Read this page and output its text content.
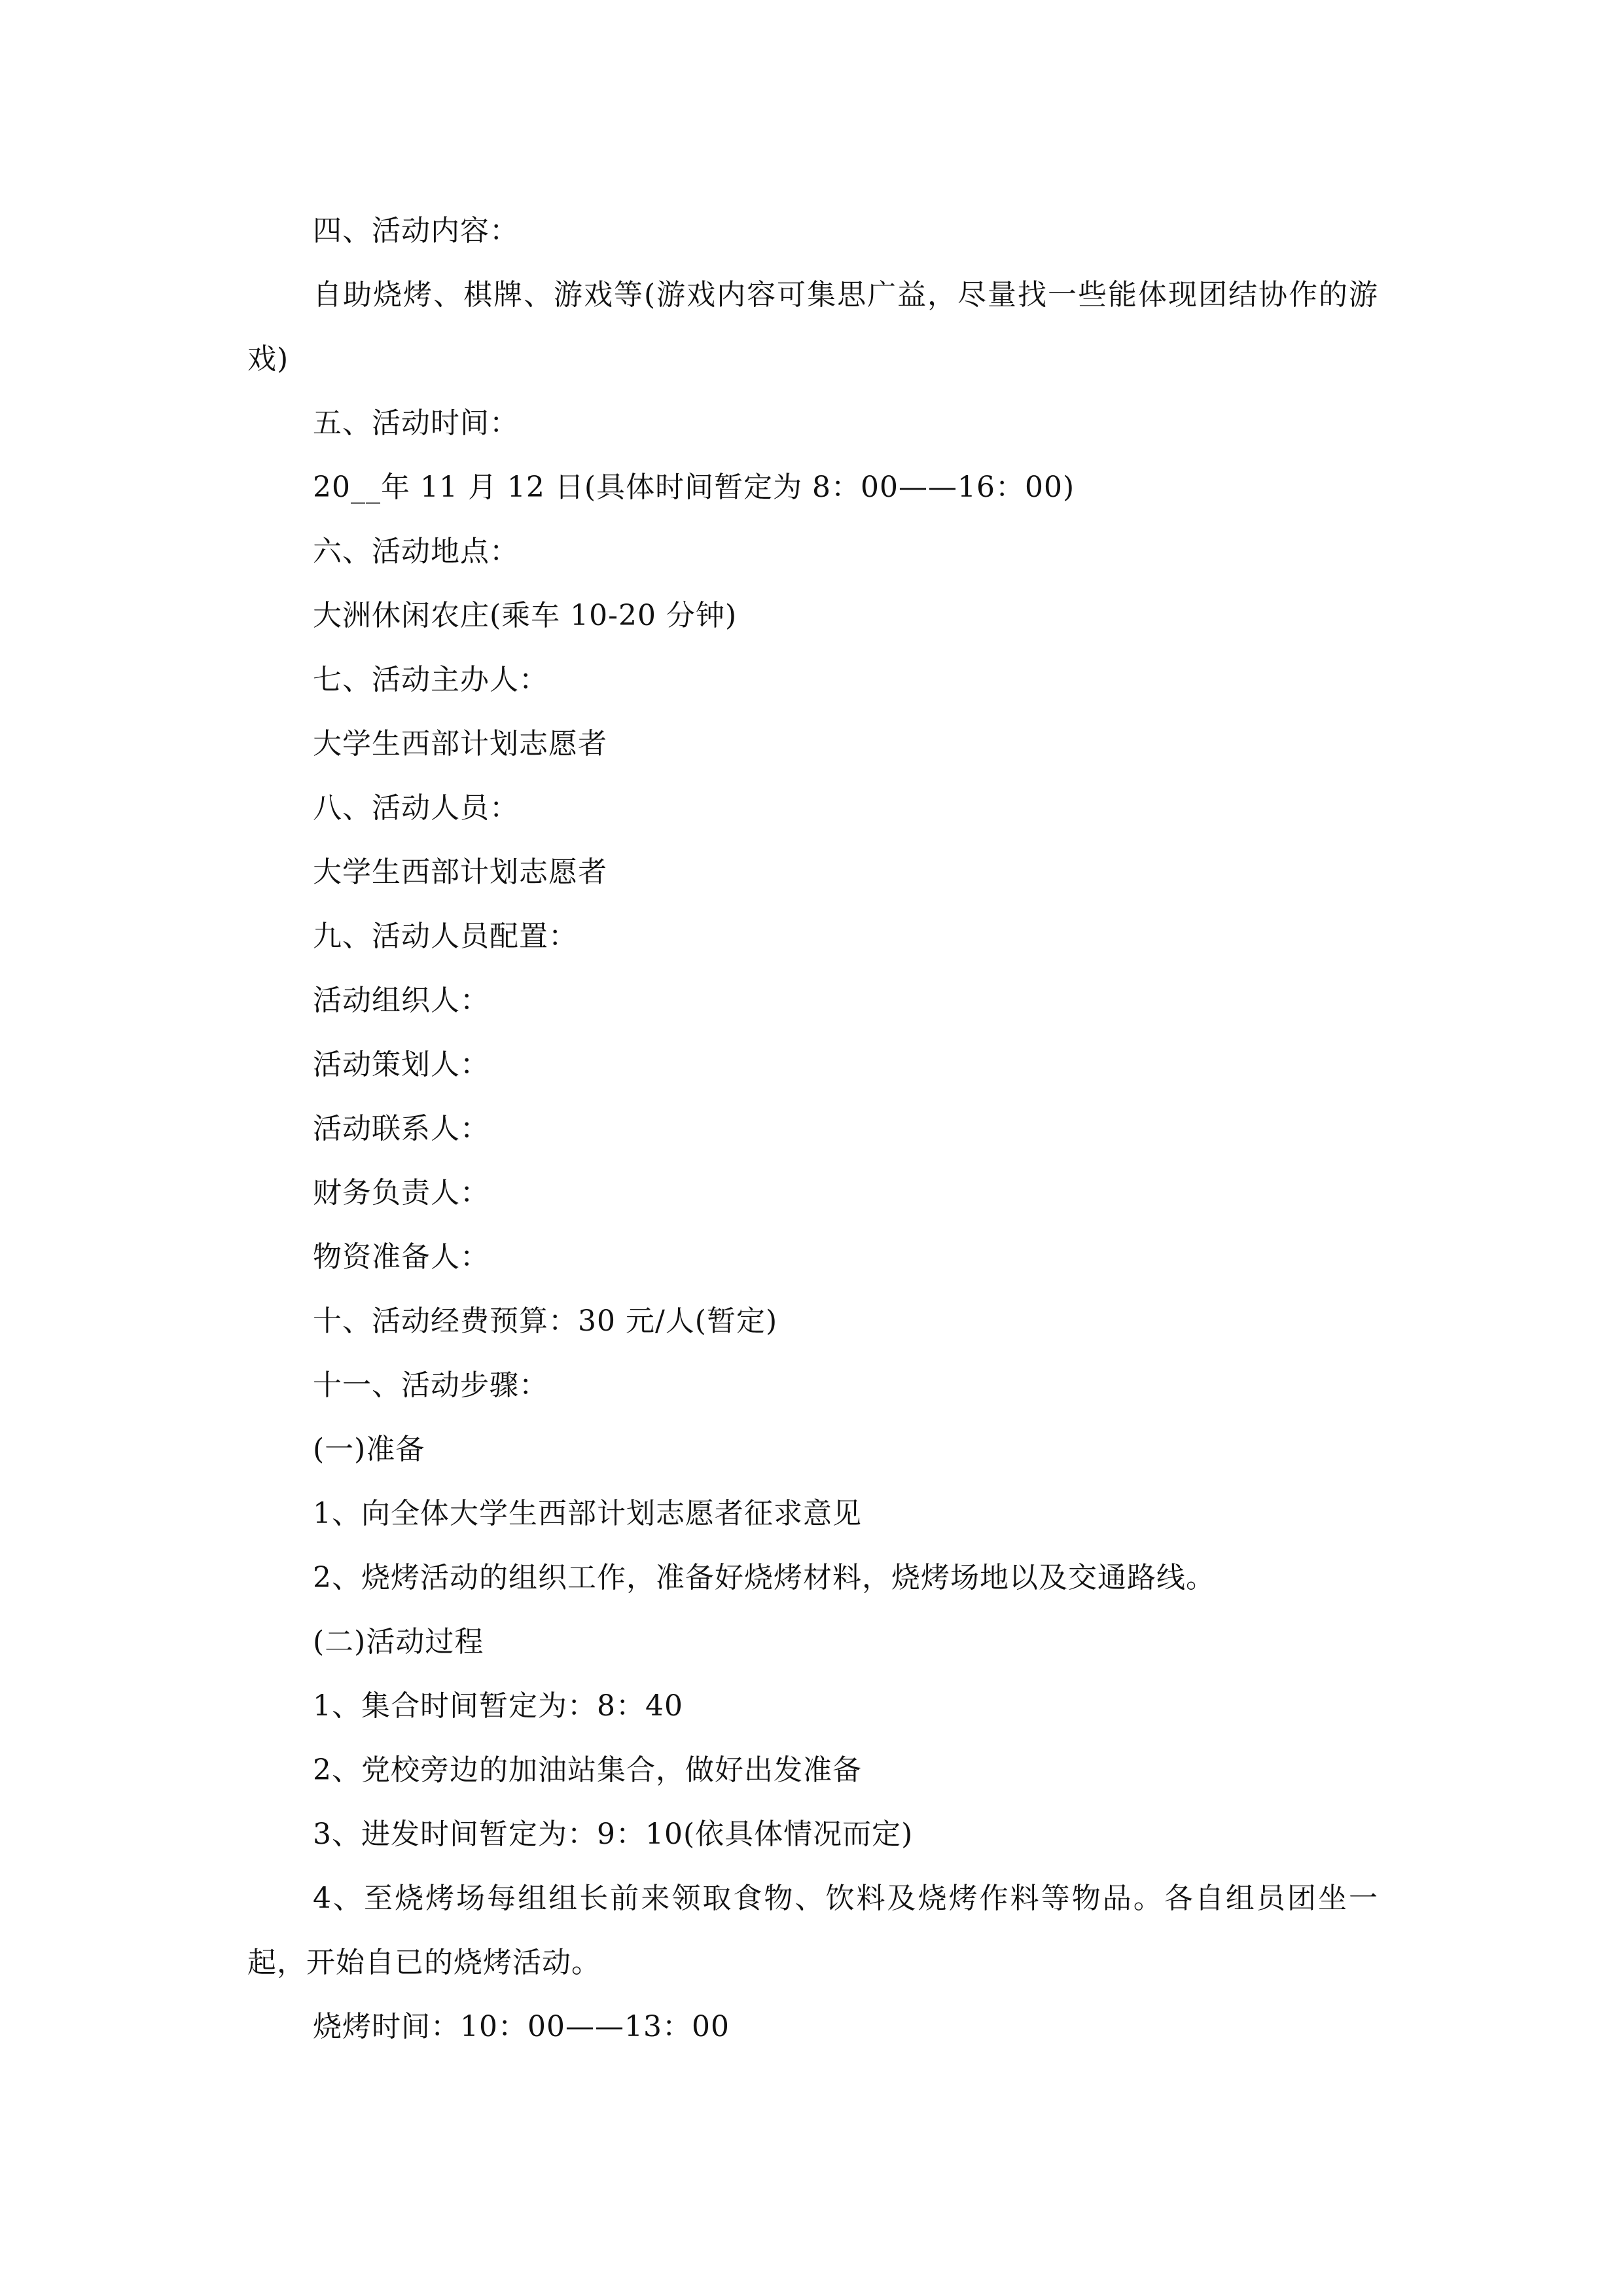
四、活动内容：
自助烧烤、棋牌、游戏等(游戏内容可集思广益，尽量找一些能体现团结协作的游戏)
五、活动时间：
20__年 11 月 12 日(具体时间暂定为 8：00——16：00)
六、活动地点：
大洲休闲农庄(乘车 10-20 分钟)
七、活动主办人：
大学生西部计划志愿者
八、活动人员：
大学生西部计划志愿者
九、活动人员配置：
活动组织人：
活动策划人：
活动联系人：
财务负责人：
物资准备人：
十、活动经费预算：30 元/人(暂定)
十一、活动步骤：
(一)准备
1、向全体大学生西部计划志愿者征求意见
2、烧烤活动的组织工作，准备好烧烤材料，烧烤场地以及交通路线。
(二)活动过程
1、集合时间暂定为：8：40
2、党校旁边的加油站集合，做好出发准备
3、进发时间暂定为：9：10(依具体情况而定)
4、至烧烤场每组组长前来领取食物、饮料及烧烤作料等物品。各自组员团坐一起，开始自已的烧烤活动。
烧烤时间：10：00——13：00
